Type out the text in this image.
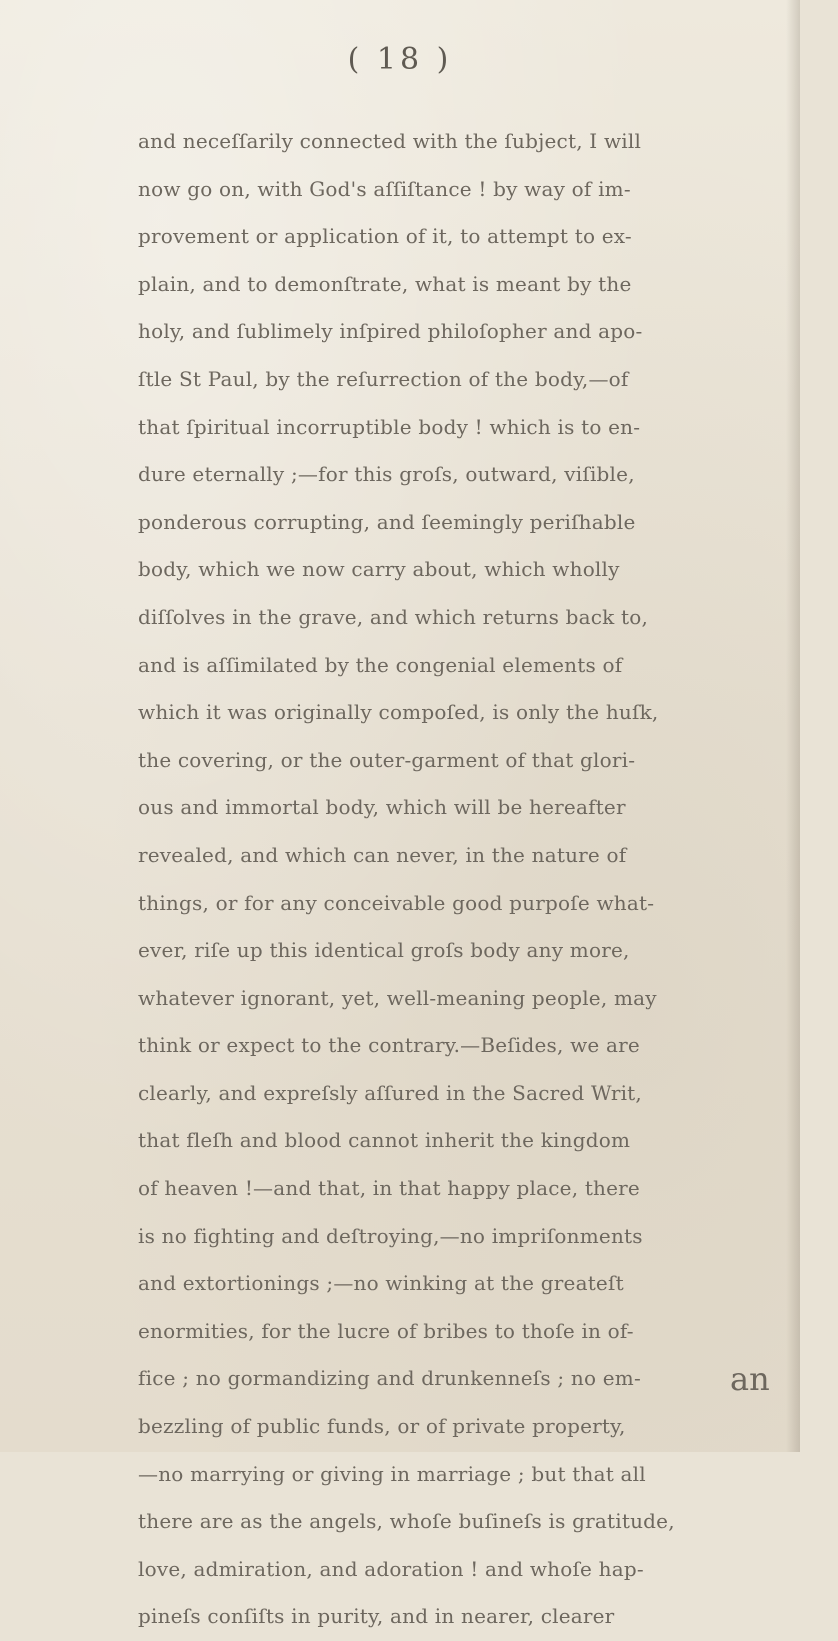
( 18 )
and neceſſarily connected with the ſubject, I will
now go on, with God's aſſiſtance ! by way of im-
provement or application of it, to attempt to ex-
plain, and to demonſtrate, what is meant by the
holy, and ſublimely inſpired philoſopher and apo-
ſtle St Paul, by the reſurrection of the body,—of
that ſpiritual incorruptible body ! which is to en-
dure eternally ;—for this groſs, outward, viſible,
ponderous corrupting, and ſeemingly periſhable
body, which we now carry about, which wholly
diſſolves in the grave, and which returns back to,
and is aſſimilated by the congenial elements of
which it was originally compoſed, is only the huſk,
the covering, or the outer-garment of that glori-
ous and immortal body, which will be hereafter
revealed, and which can never, in the nature of
things, or for any conceivable good purpoſe what-
ever, riſe up this identical groſs body any more,
whatever ignorant, yet, well-meaning people, may
think or expect to the contrary.—Beſides, we are
clearly, and expreſsly aſſured in the Sacred Writ,
that fleſh and blood cannot inherit the kingdom
of heaven !—and that, in that happy place, there
is no fighting and deſtroying,—no impriſonments
and extortionings ;—no winking at the greateſt
enormities, for the lucre of bribes to thoſe in of-
fice ; no gormandizing and drunkenneſs ; no em-
bezzling of public funds, or of private property,
—no marrying or giving in marriage ; but that all
there are as the angels, whoſe buſineſs is gratitude,
love, admiration, and adoration ! and whoſe hap-
pineſs conſiſts in purity, and in nearer, clearer
an
